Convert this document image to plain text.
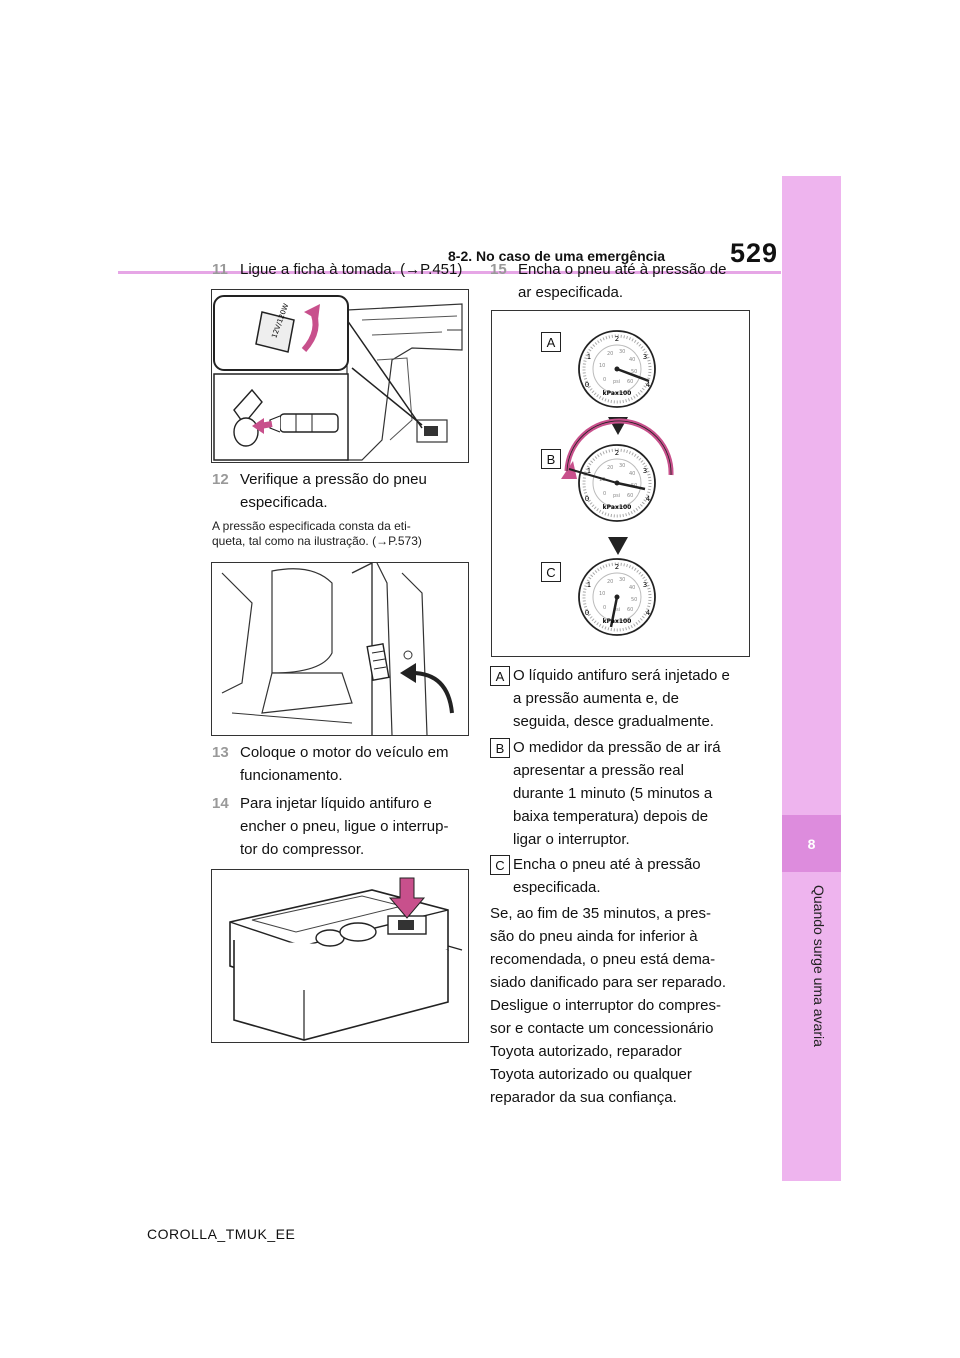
529
8-2. No caso de uma emergência
8
Quando surge uma avaria
11 Ligue a ficha à tomada. (→P.451)
12V/120W
12 Verifique a pressão do pneu
especificada.
A pressão especificada consta da eti-
queta, tal como na ilustração. (→P.573)
13 Coloque o motor do veículo em
funcionamento.
14 Para injetar líquido antifuro e
encher o pneu, ligue o interrup-
tor do compressor.
15 Encha o pneu até à pressão de
ar especificada.
4
50
60
si
kPax100
kPax100
kPax100
A
B
C
A O líquido antifuro será injetado e
a pressão aumenta e, de
seguida, desce gradualmente.
B O medidor da pressão de ar irá
apresentar a pressão real
durante 1 minuto (5 minutos a
baixa temperatura) depois de
ligar o interruptor.
C Encha o pneu até à pressão
especificada.
Se, ao fim de 35 minutos, a pres-
são do pneu ainda for inferior à
recomendada, o pneu está dema-
siado danificado para ser reparado.
Desligue o interruptor do compres-
sor e contacte um concessionário
Toyota autorizado, reparador
Toyota autorizado ou qualquer
reparador da sua confiança.
COROLLA_TMUK_EE
